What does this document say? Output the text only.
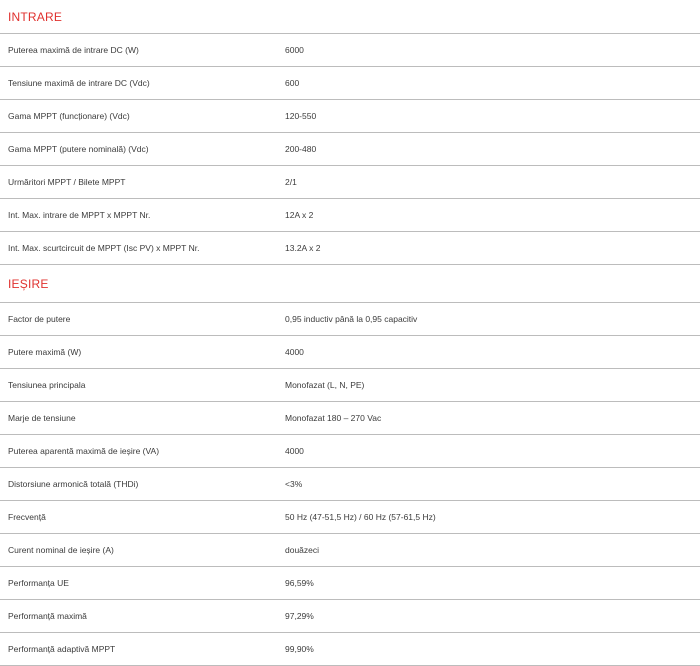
INTRARE
Puterea maximă de intrare DC (W)	6000
Tensiune maximă de intrare DC (Vdc)	600
Gama MPPT (funcționare) (Vdc)	120-550
Gama MPPT (putere nominală) (Vdc)	200-480
Urmăritori MPPT / Bilete MPPT	2/1
Int. Max. intrare de MPPT x MPPT Nr.	12A x 2
Int. Max. scurtcircuit de MPPT (Isc PV) x MPPT Nr.	13.2A x 2
IEȘIRE
Factor de putere	0,95 inductiv până la 0,95 capacitiv
Putere maximă (W)	4000
Tensiunea principala	Monofazat (L, N, PE)
Marje de tensiune	Monofazat 180 – 270 Vac
Puterea aparentă maximă de ieșire (VA)	4000
Distorsiune armonică totală (THDi)	<3%
Frecvență	50 Hz (47-51,5 Hz) / 60 Hz (57-61,5 Hz)
Curent nominal de ieșire (A)	douăzeci
Performanța UE	96,59%
Performanță maximă	97,29%
Performanță adaptivă MPPT	99,90%
